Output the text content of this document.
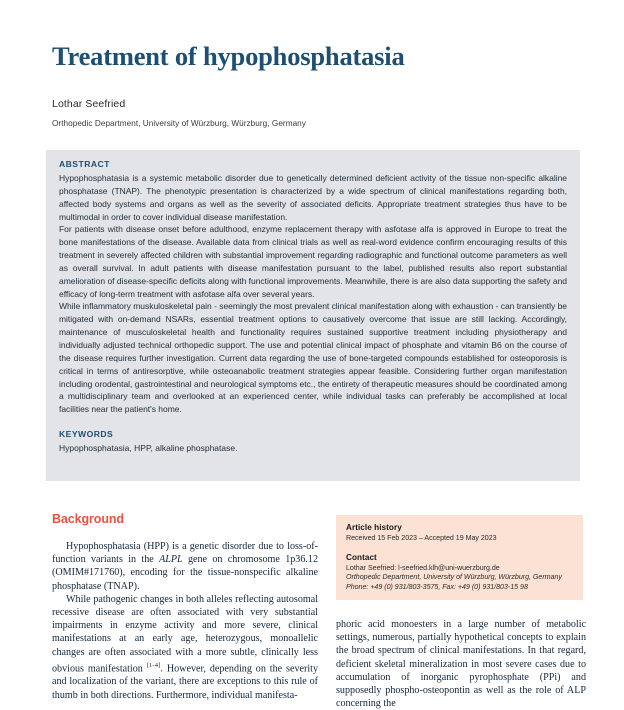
Treatment of hypophosphatasia
Lothar Seefried
Orthopedic Department, University of Würzburg, Würzburg, Germany
ABSTRACT

Hypophosphatasia is a systemic metabolic disorder due to genetically determined deficient activity of the tissue non-specific alkaline phosphatase (TNAP). The phenotypic presentation is characterized by a wide spectrum of clinical manifestations regarding both, affected body systems and organs as well as the severity of associated deficits. Appropriate treatment strategies thus have to be multimodal in order to cover individual disease manifestation.

For patients with disease onset before adulthood, enzyme replacement therapy with asfotase alfa is approved in Europe to treat the bone manifestations of the disease. Available data from clinical trials as well as real-word evidence confirm encouraging results of this treatment in severely affected children with substantial improvement regarding radiographic and functional outcome parameters as well as overall survival. In adult patients with disease manifestation pursuant to the label, published results also report substantial amelioration of disease-specific deficits along with functional improvements. Meanwhile, there is are also data supporting the safety and efficacy of long-term treatment with asfotase alfa over several years.

While inflammatory muskuloskeletal pain - seemingly the most prevalent clinical manifestation along with exhaustion - can transiently be mitigated with on-demand NSARs, essential treatment options to causatively overcome that issue are still lacking. Accordingly, maintenance of musculoskeletal health and functionality requires sustained supportive treatment including physiotherapy and individually adjusted technical orthopedic support. The use and potential clinical impact of phosphate and vitamin B6 on the course of the disease requires further investigation. Current data regarding the use of bone-targeted compounds established for osteoporosis is critical in terms of antiresorptive, while osteoanabolic treatment strategies appear feasible. Considering further organ manifestation including orodental, gastrointestinal and neurological symptoms etc., the entirety of therapeutic measures should be coordinated among a multidisciplinary team and overlooked at an experienced center, while individual tasks can preferably be accomplished at local facilities near the patient's home.

KEYWORDS

Hypophosphatasia, HPP, alkaline phosphatase.

Background

Hypophosphatasia (HPP) is a genetic disorder due to loss-of-function variants in the ALPL gene on chromosome 1p36.12 (OMIM#171760), encoding for the tissue-nonspecific alkaline phosphatase (TNAP).

While pathogenic changes in both alleles reflecting autosomal recessive disease are often associated with very substantial impairments in enzyme activity and more severe, clinical manifestations at an early age, heterozygous, monoallelic changes are often associated with a more subtle, clinically less obvious manifestation [1-4]. However, depending on the severity and localization of the variant, there are exceptions to this rule of thumb in both directions. Furthermore, individual manifesta-

Article history
Received 15 Feb 2023 – Accepted 19 May 2023
Contact
Lothar Seefried: l-seefried.klh@uni-wuerzburg.de
Orthopedic Department, University of Würzburg, Würzburg, Germany
Phone: +49 (0) 931/803-3575, Fax: +49 (0) 931/803-15 98

phoric acid monoesters in a large number of metabolic settings, numerous, partially hypothetical concepts to explain the broad spectrum of clinical manifestations. In that regard, deficient skeletal mineralization in most severe cases due to accumulation of inorganic pyrophosphate (PPi) and supposedly phospho-osteopontin as well as the role of ALP concerning the
